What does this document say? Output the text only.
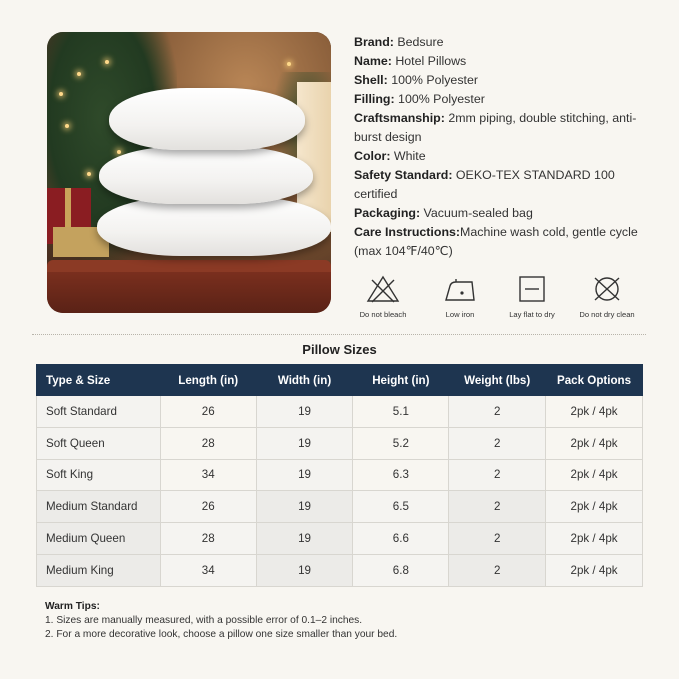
Brand: Bedsure

Name: Hotel Pillows

Shell: 100% Polyester

Filling: 100% Polyester

Craftsmanship: 2mm piping, double stitching, anti-burst design

Color: White

Safety Standard: OEKO-TEX STANDARD 100 certified

Packaging: Vacuum-sealed bag

Care Instructions:Machine wash cold, gentle cycle (max 104℉/40℃)

Do not bleach	Low iron	Lay flat to dry	Do not dry clean
Pillow Sizes
Type & Size	Length (in)	Width (in)	Height (in)	Weight (lbs)	Pack Options
Soft Standard	26	19	5.1	2	2pk / 4pk
Soft Queen	28	19	5.2	2	2pk / 4pk
Soft King	34	19	6.3	2	2pk / 4pk
Medium Standard	26	19	6.5	2	2pk / 4pk
Medium Queen	28	19	6.6	2	2pk / 4pk
Medium King	34	19	6.8	2	2pk / 4pk

Warm Tips:

1. Sizes are manually measured, with a possible error of 0.1–2 inches.

2. For a more decorative look, choose a pillow one size smaller than your bed.
